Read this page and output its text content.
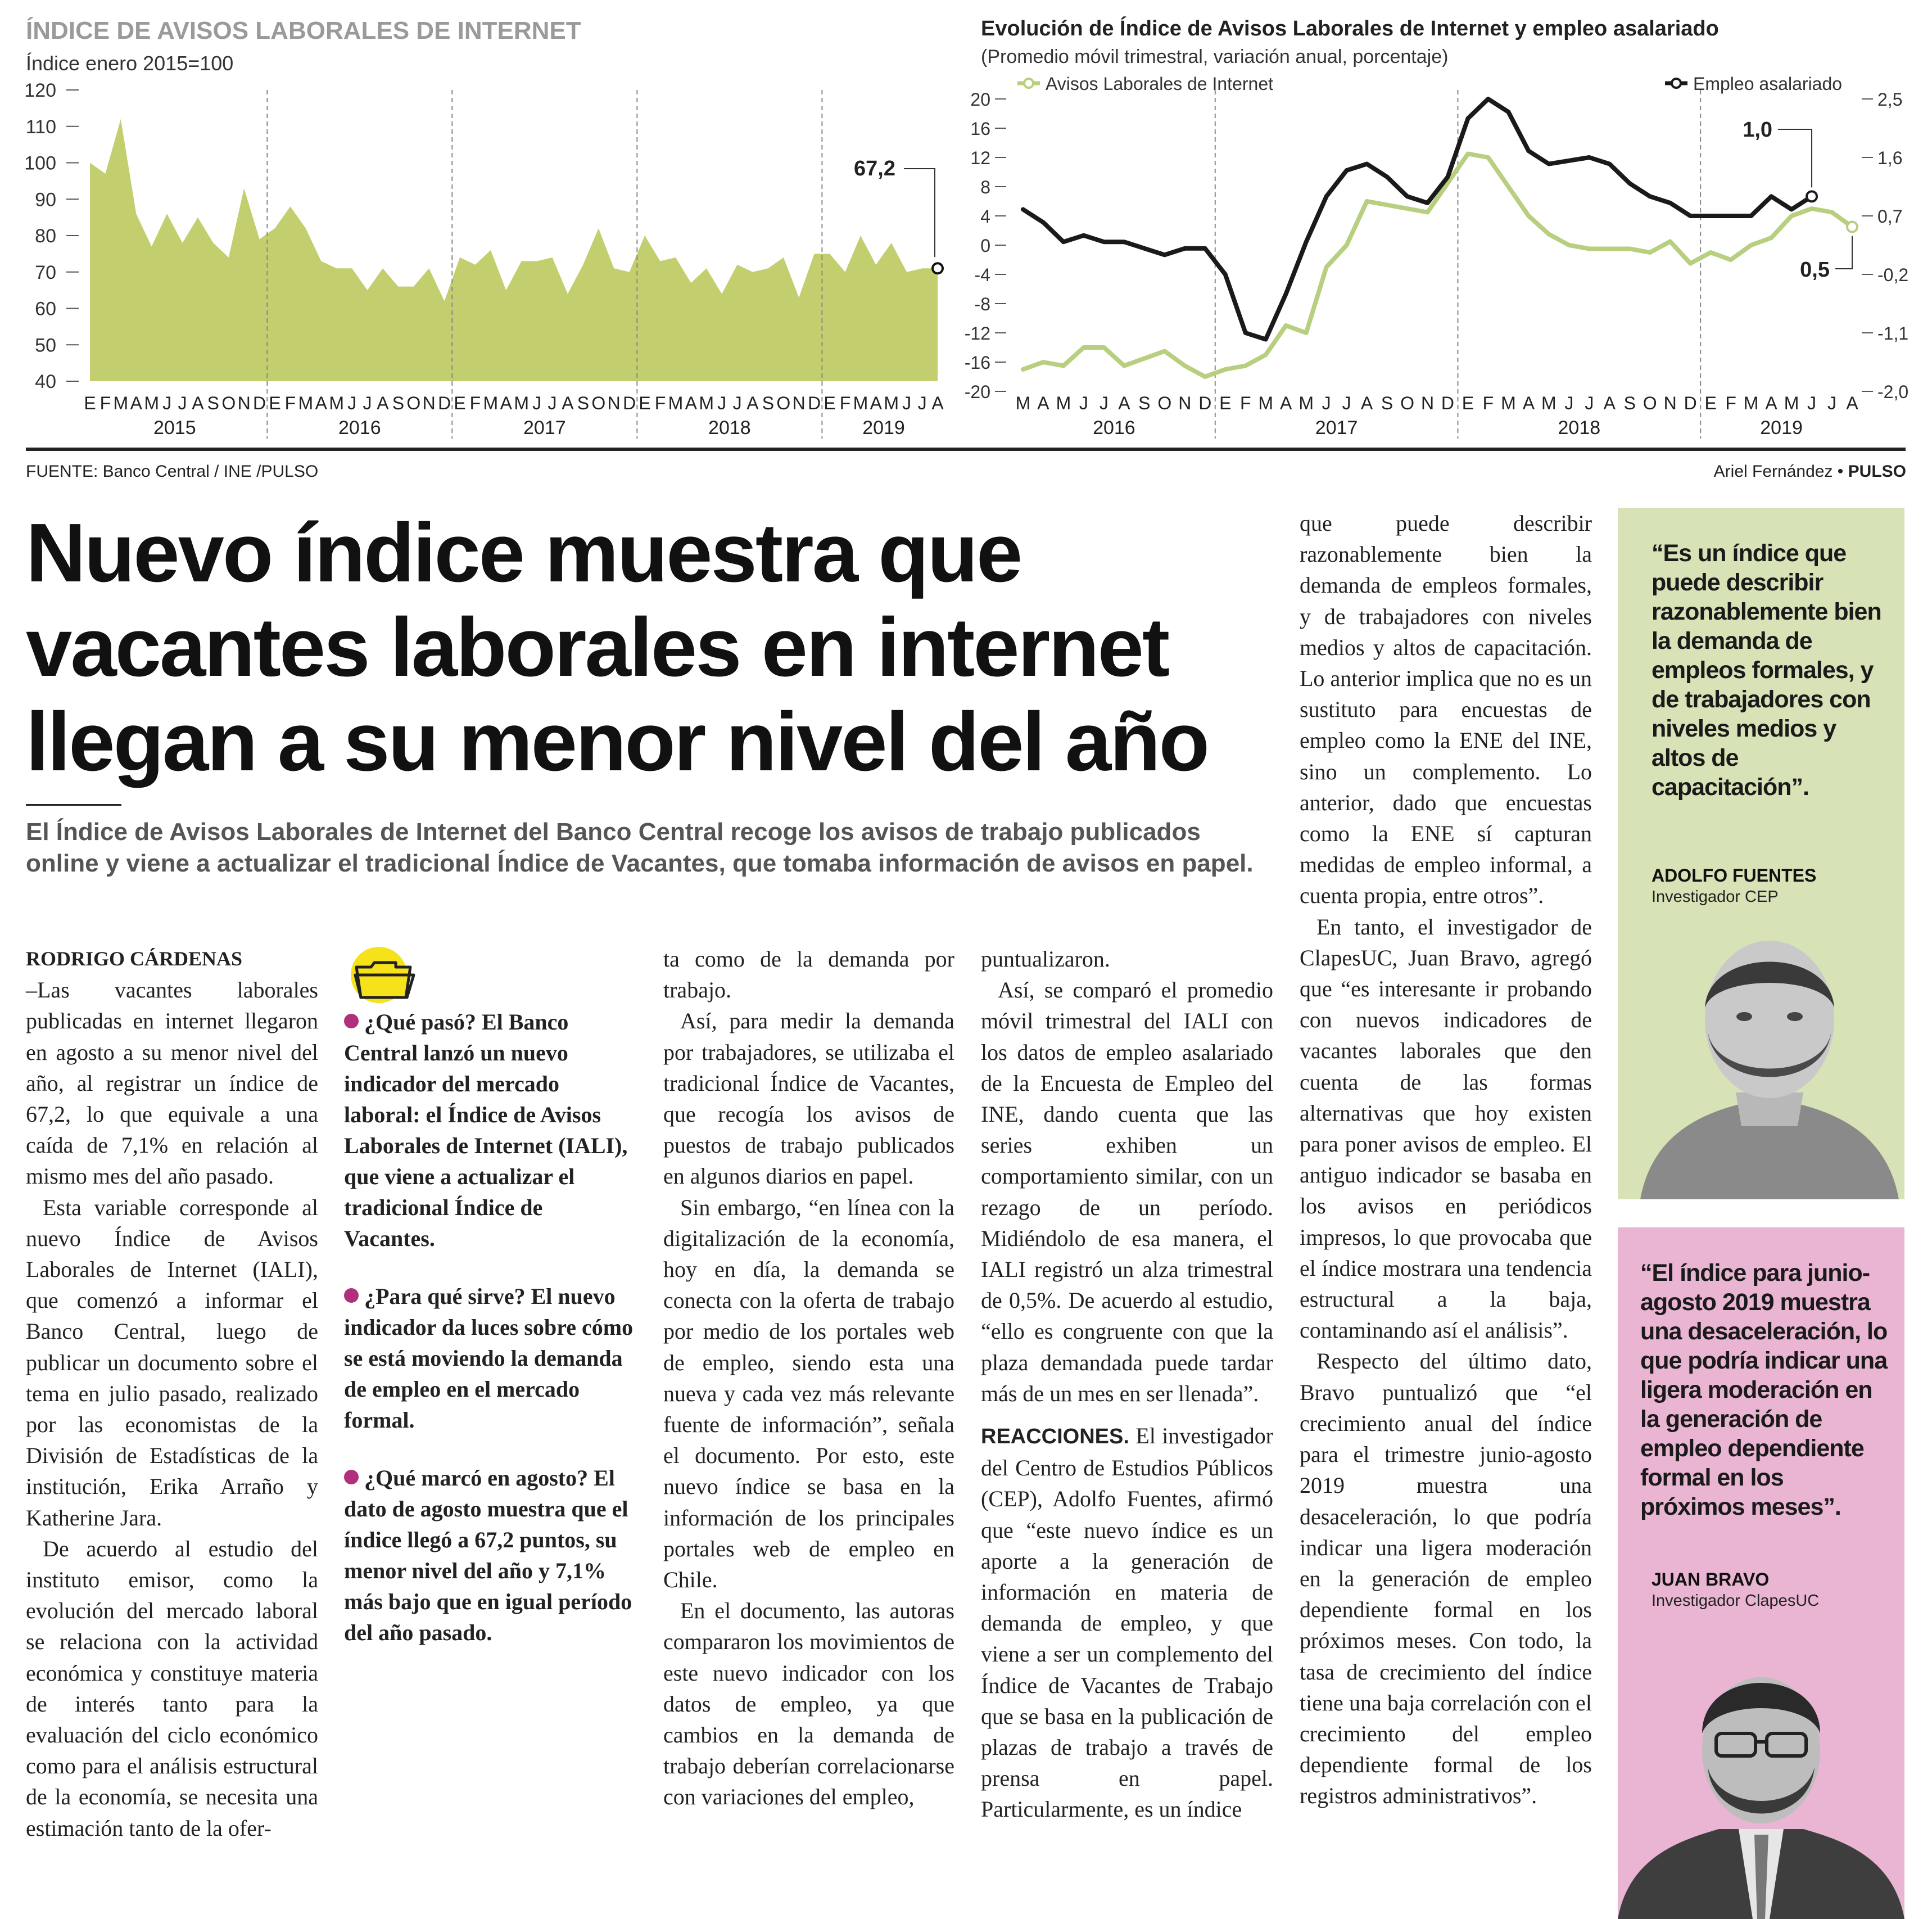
ÍNDICE DE AVISOS LABORALES DE INTERNET
Índice enero 2015=100
Evolución de Índice de Avisos Laborales de Internet y empleo asalariado
(Promedio móvil trimestral, variación anual, porcentaje)
120
110
100
90
80
70
60
50
40
E F M A M J J A S O N D E F M A M J J A S O N D E F M A M J J A S O N D E F M A M J J A S O N D E F M A M J J A
2015	2016	2017	2018	2019
67,2
20
16
12
8
4
0
-4
-8
-12
-16
-20
2,5
1,6
0,7
-0,2
-1,1
-2,0
0,5
1,0
Avisos Laborales de Internet	Empleo asalariado
M A M J J A S O N D E F M A M J J A S O N D E F M A M J J A S O N D E F M A M J J A
2016	2017	2018	2019
FUENTE: Banco Central / INE /PULSO	Ariel Fernández • PULSO
Nuevo índice muestra que vacantes laborales en internet llegan a su menor nivel del año
El Índice de Avisos Laborales de Internet del Banco Central recoge los avisos de trabajo publicados online y viene a actualizar el tradicional Índice de Vacantes, que tomaba información de avisos en papel.

RODRIGO CÁRDENAS

–Las vacantes laborales publicadas en internet llegaron en agosto a su menor nivel del año, al registrar un índice de 67,2, lo que equivale a una caída de 7,1% en relación al mismo mes del año pasado.

Esta variable corresponde al nuevo Índice de Avisos Laborales de Internet (IALI), que comenzó a informar el Banco Central, luego de publicar un documento sobre el tema en julio pasado, realizado por las economistas de la División de Estadísticas de la institución, Erika Arraño y Katherine Jara.

De acuerdo al estudio del instituto emisor, como la evolución del mercado laboral se relaciona con la actividad económica y constituye materia de interés tanto para la evaluación del ciclo económico como para el análisis estructural de la economía, se necesita una estimación tanto de la ofer-

¿Qué pasó? El Banco Central lanzó un nuevo indicador del mercado laboral: el Índice de Avisos Laborales de Internet (IALI), que viene a actualizar el tradicional Índice de Vacantes.
¿Para qué sirve? El nuevo indicador da luces sobre cómo se está moviendo la demanda de empleo en el mercado formal.
¿Qué marcó en agosto? El dato de agosto muestra que el índice llegó a 67,2 puntos, su menor nivel del año y 7,1% más bajo que en igual período del año pasado.

ta como de la demanda por trabajo.

Así, para medir la demanda por trabajadores, se utilizaba el tradicional Índice de Vacantes, que recogía los avisos de puestos de trabajo publicados en algunos diarios en papel.

Sin embargo, “en línea con la digitalización de la economía, hoy en día, la demanda se conecta con la oferta de trabajo por medio de los portales web de empleo, siendo esta una nueva y cada vez más relevante fuente de información”, señala el documento. Por esto, este nuevo índice se basa en la información de los principales portales web de empleo en Chile.

En el documento, las autoras compararon los movimientos de este nuevo indicador con los datos de empleo, ya que cambios en la demanda de trabajo deberían correlacionarse con variaciones del empleo,

puntualizaron.

Así, se comparó el promedio móvil trimestral del IALI con los datos de empleo asalariado de la Encuesta de Empleo del INE, dando cuenta que las series exhiben un comportamiento similar, con un rezago de un período. Midiéndolo de esa manera, el IALI registró un alza trimestral de 0,5%. De acuerdo al estudio, “ello es congruente con que la plaza demandada puede tardar más de un mes en ser llenada”.

REACCIONES. El investigador del Centro de Estudios Públicos (CEP), Adolfo Fuentes, afirmó que “este nuevo índice es un aporte a la generación de información en materia de demanda de empleo, y que viene a ser un complemento del Índice de Vacantes de Trabajo que se basa en la publicación de plazas de trabajo a través de prensa en papel. Particularmente, es un índice

que puede describir razonablemente bien la demanda de empleos formales, y de trabajadores con niveles medios y altos de capacitación. Lo anterior implica que no es un sustituto para encuestas de empleo como la ENE del INE, sino un complemento. Lo anterior, dado que encuestas como la ENE sí capturan medidas de empleo informal, a cuenta propia, entre otros”.

En tanto, el investigador de ClapesUC, Juan Bravo, agregó que “es interesante ir probando con nuevos indicadores de vacantes laborales que den cuenta de las formas alternativas que hoy existen para poner avisos de empleo. El antiguo indicador se basaba en los avisos en periódicos impresos, lo que provocaba que el índice mostrara una tendencia estructural a la baja, contaminando así el análisis”.

Respecto del último dato, Bravo puntualizó que “el crecimiento anual del índice para el trimestre junio-agosto 2019 muestra una desaceleración, lo que podría indicar una ligera moderación en la generación de empleo dependiente formal en los próximos meses. Con todo, la tasa de crecimiento del índice tiene una baja correlación con el crecimiento del empleo dependiente formal de los registros administrativos”.

“Es un índice que puede describir razonablemente bien la demanda de empleos formales, y de trabajadores con niveles medios y altos de capacitación”.
ADOLFO FUENTES
Investigador CEP
“El índice para junio-agosto 2019 muestra una desaceleración, lo que podría indicar una ligera moderación en la generación de empleo dependiente formal en los próximos meses”.
JUAN BRAVO
Investigador ClapesUC
